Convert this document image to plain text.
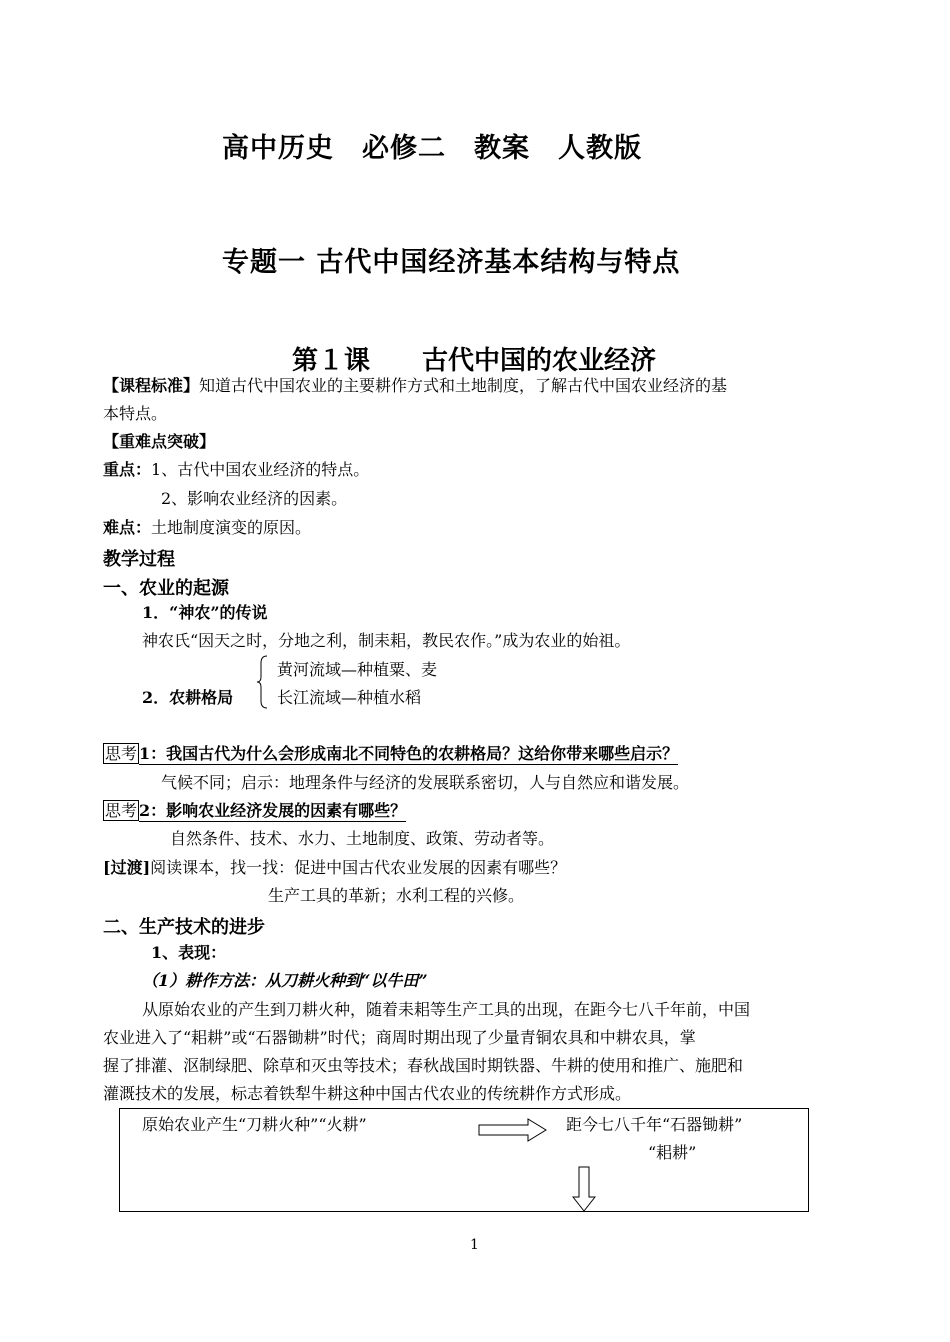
高中历史　必修二　教案　人教版
专题一 古代中国经济基本结构与特点
第１课　　古代中国的农业经济
【课程标准】知道古代中国农业的主要耕作方式和土地制度，了解古代中国农业经济的基
本特点。
【重难点突破】
重点：1、古代中国农业经济的特点。
2、影响农业经济的因素。
难点：土地制度演变的原因。
教学过程
一、农业的起源
1．“神农”的传说
神农氏“因天之时，分地之利，制耒耜，教民农作。”成为农业的始祖。
黄河流域—种植粟、麦
2．农耕格局	长江流域—种植水稻
思考 1：我国古代为什么会形成南北不同特色的农耕格局？这给你带来哪些启示？
气候不同；启示：地理条件与经济的发展联系密切，人与自然应和谐发展。
思考 2：影响农业经济发展的因素有哪些？
自然条件、技术、水力、土地制度、政策、劳动者等。
[过渡]阅读课本，找一找：促进中国古代农业发展的因素有哪些？
生产工具的革新；水利工程的兴修。
二、生产技术的进步
1、表现：
（1）耕作方法：从刀耕火种到“以牛田”
从原始农业的产生到刀耕火种，随着耒耜等生产工具的出现，在距今七八千年前，中国
农业进入了“耜耕”或“石器锄耕”时代；商周时期出现了少量青铜农具和中耕农具，掌
握了排灌、沤制绿肥、除草和灭虫等技术；春秋战国时期铁器、牛耕的使用和推广、施肥和
灌溉技术的发展，标志着铁犁牛耕这种中国古代农业的传统耕作方式形成。
原始农业产生“刀耕火种”“火耕”	距今七八千年“石器锄耕”
“耜耕”
1
